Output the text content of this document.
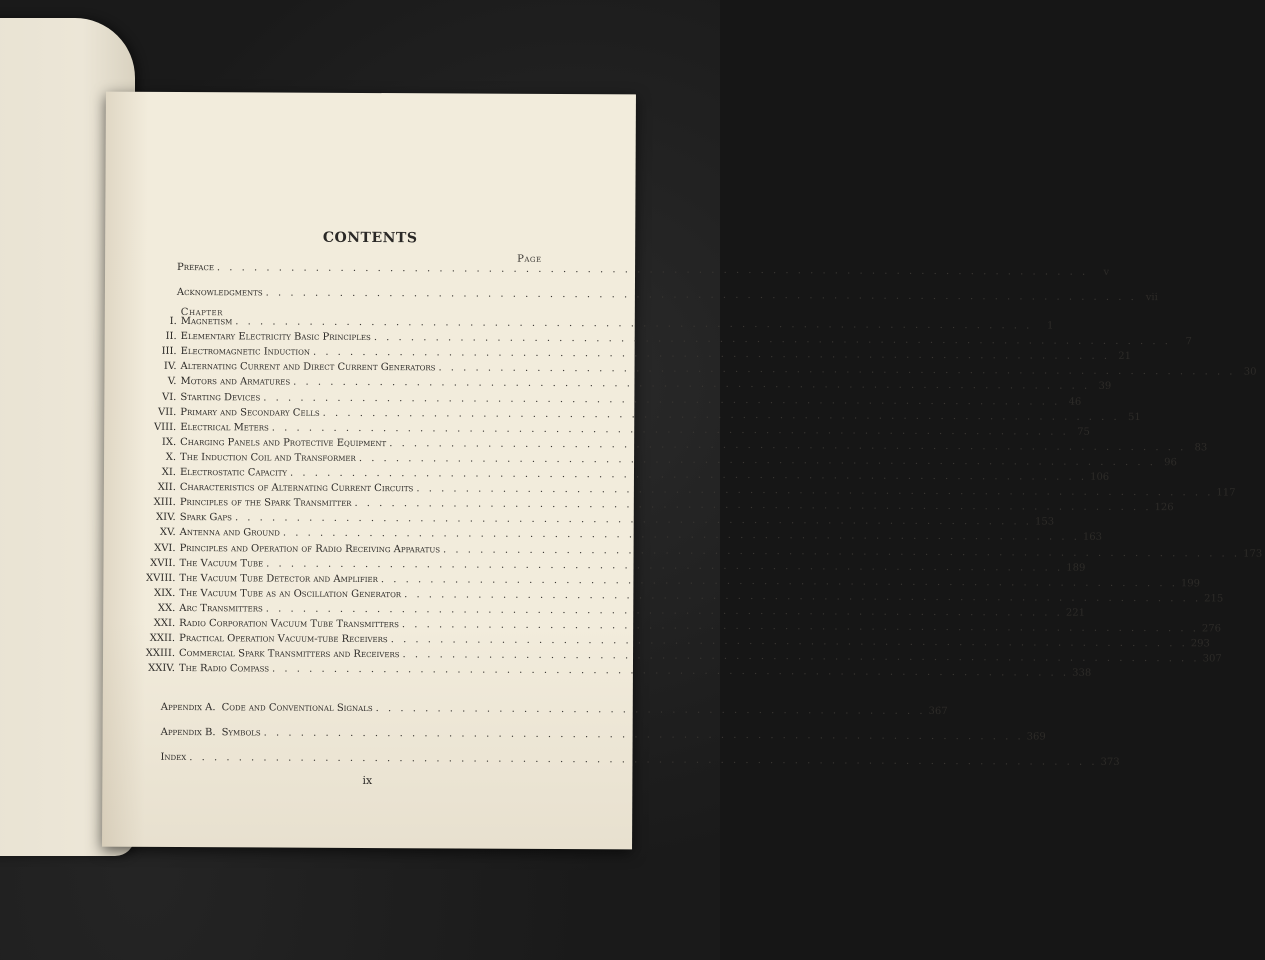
CONTENTS
Page
Preface . . . . . . . . . . . . . . . . . . . . . . . . . . . . . . . . . . . . . . . . . . . . . . . . . . . . . . . . . . . . . . . . . . . . . . .	v
Acknowledgments . . . . . . . . . . . . . . . . . . . . . . . . . . . . . . . . . . . . . . . . . . . . . . . . . . . . . . . . . . . . . . . . . . . . . . . vii
Chapter
I. Magnetism . . . . . . . . . . . . . . . . . . . . . . . . . . . . . . . . . . . . . . . . . . . . . . . . . . . . . . . . . . . . . . . . .	1
II. Elementary Electricity Basic Principles . . . . . . . . . . . . . . . . . . . . . . . . . . . . . . . . . . . . . . . . . . . . . . . . . . . . . . . . . . . . . . . . .	7
III. Electromagnetic Induction . . . . . . . . . . . . . . . . . . . . . . . . . . . . . . . . . . . . . . . . . . . . . . . . . . . . . . . . . . . . . . . . . 21
IV. Alternating Current and Direct Current Generators . . . . . . . . . . . . . . . . . . . . . . . . . . . . . . . . . . . . . . . . . . . . . . . . . . . . . . . . . . . . . . . . . 30
V. Motors and Armatures . . . . . . . . . . . . . . . . . . . . . . . . . . . . . . . . . . . . . . . . . . . . . . . . . . . . . . . . . . . . . . . . . 39
VI. Starting Devices . . . . . . . . . . . . . . . . . . . . . . . . . . . . . . . . . . . . . . . . . . . . . . . . . . . . . . . . . . . . . . . . . 46
VII. Primary and Secondary Cells . . . . . . . . . . . . . . . . . . . . . . . . . . . . . . . . . . . . . . . . . . . . . . . . . . . . . . . . . . . . . . . . . 51
VIII. Electrical Meters . . . . . . . . . . . . . . . . . . . . . . . . . . . . . . . . . . . . . . . . . . . . . . . . . . . . . . . . . . . . . . . . . 75
IX. Charging Panels and Protective Equipment . . . . . . . . . . . . . . . . . . . . . . . . . . . . . . . . . . . . . . . . . . . . . . . . . . . . . . . . . . . . . . . . . 83
X. The Induction Coil and Transformer . . . . . . . . . . . . . . . . . . . . . . . . . . . . . . . . . . . . . . . . . . . . . . . . . . . . . . . . . . . . . . . . . 96
XI. Electrostatic Capacity . . . . . . . . . . . . . . . . . . . . . . . . . . . . . . . . . . . . . . . . . . . . . . . . . . . . . . . . . . . . . . . . . 106
XII. Characteristics of Alternating Current Circuits . . . . . . . . . . . . . . . . . . . . . . . . . . . . . . . . . . . . . . . . . . . . . . . . . . . . . . . . . . . . . . . . . 117
XIII. Principles of the Spark Transmitter . . . . . . . . . . . . . . . . . . . . . . . . . . . . . . . . . . . . . . . . . . . . . . . . . . . . . . . . . . . . . . . . . 126
XIV. Spark Gaps . . . . . . . . . . . . . . . . . . . . . . . . . . . . . . . . . . . . . . . . . . . . . . . . . . . . . . . . . . . . . . . . . 153
XV. Antenna and Ground . . . . . . . . . . . . . . . . . . . . . . . . . . . . . . . . . . . . . . . . . . . . . . . . . . . . . . . . . . . . . . . . . 163
XVI. Principles and Operation of Radio Receiving Apparatus . . . . . . . . . . . . . . . . . . . . . . . . . . . . . . . . . . . . . . . . . . . . . . . . . . . . . . . . . . . . . . . . . 173
XVII. The Vacuum Tube . . . . . . . . . . . . . . . . . . . . . . . . . . . . . . . . . . . . . . . . . . . . . . . . . . . . . . . . . . . . . . . . . 189
XVIII. The Vacuum Tube Detector and Amplifier . . . . . . . . . . . . . . . . . . . . . . . . . . . . . . . . . . . . . . . . . . . . . . . . . . . . . . . . . . . . . . . . . 199
XIX. The Vacuum Tube as an Oscillation Generator . . . . . . . . . . . . . . . . . . . . . . . . . . . . . . . . . . . . . . . . . . . . . . . . . . . . . . . . . . . . . . . . . 215
XX. Arc Transmitters . . . . . . . . . . . . . . . . . . . . . . . . . . . . . . . . . . . . . . . . . . . . . . . . . . . . . . . . . . . . . . . . . 221
XXI. Radio Corporation Vacuum Tube Transmitters . . . . . . . . . . . . . . . . . . . . . . . . . . . . . . . . . . . . . . . . . . . . . . . . . . . . . . . . . . . . . . . . . 276
XXII. Practical Operation Vacuum-tube Receivers . . . . . . . . . . . . . . . . . . . . . . . . . . . . . . . . . . . . . . . . . . . . . . . . . . . . . . . . . . . . . . . . . 293
XXIII. Commercial Spark Transmitters and Receivers . . . . . . . . . . . . . . . . . . . . . . . . . . . . . . . . . . . . . . . . . . . . . . . . . . . . . . . . . . . . . . . . . 307
XXIV. The Radio Compass . . . . . . . . . . . . . . . . . . . . . . . . . . . . . . . . . . . . . . . . . . . . . . . . . . . . . . . . . . . . . . . . . 338
Appendix A. Code and Conventional Signals . . . . . . . . . . . . . . . . . . . . . . . . . . . . . . . . . . . . . . . . . . . . . 367
Appendix B. Symbols . . . . . . . . . . . . . . . . . . . . . . . . . . . . . . . . . . . . . . . . . . . . . . . . . . . . . . . . . . . . . . 369
Index . . . . . . . . . . . . . . . . . . . . . . . . . . . . . . . . . . . . . . . . . . . . . . . . . . . . . . . . . . . . . . . . . . . . . . . . . . 373
ix
